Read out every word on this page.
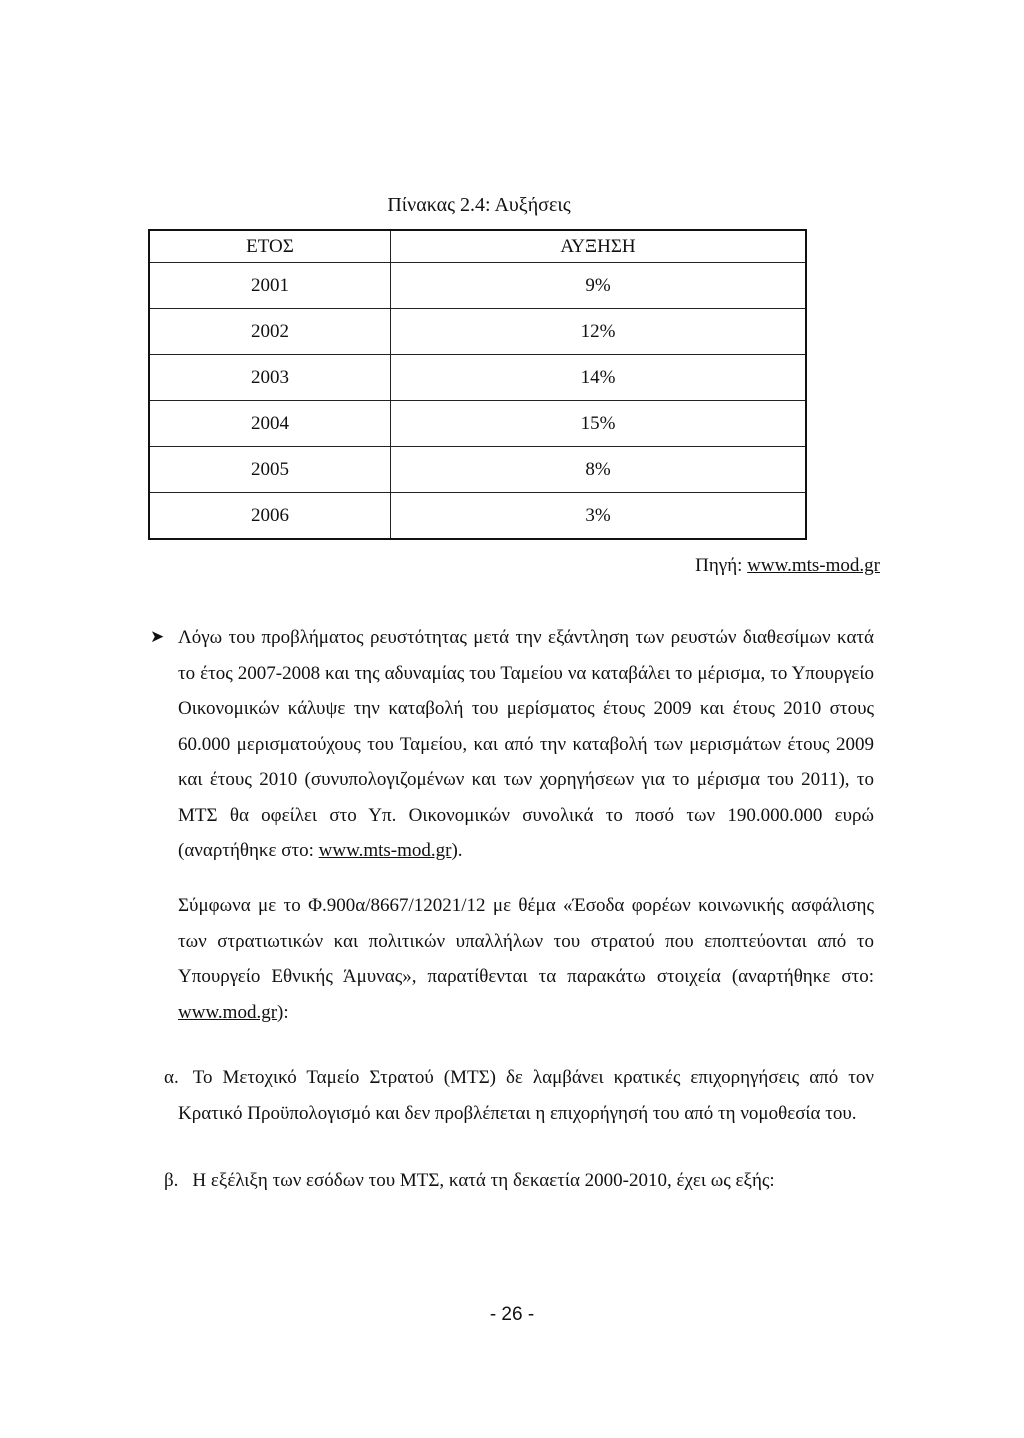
Πίνακας 2.4: Αυξήσεις
ΕΤΟΣ	ΑΥΞΗΣΗ
2001	9%
2002	12%
2003	14%
2004	15%
2005	8%
2006	3%
Πηγή: www.mts-mod.gr
➤ Λόγω του προβλήματος ρευστότητας μετά την εξάντληση των ρευστών διαθεσίμων κατά το έτος 2007-2008 και της αδυναμίας του Ταμείου να καταβάλει το μέρισμα, το Υπουργείο Οικονομικών κάλυψε την καταβολή του μερίσματος έτους 2009 και έτους 2010 στους 60.000 μερισματούχους του Ταμείου, και από την καταβολή των μερισμάτων έτους 2009 και έτους 2010 (συνυπολογιζομένων και των χορηγήσεων για το μέρισμα του 2011), το ΜΤΣ θα οφείλει στο Υπ. Οικονομικών συνολικά το ποσό των 190.000.000 ευρώ (αναρτήθηκε στο: www.mts-mod.gr).
Σύμφωνα με το Φ.900α/8667/12021/12 με θέμα «Έσοδα φορέων κοινωνικής ασφάλισης των στρατιωτικών και πολιτικών υπαλλήλων του στρατού που εποπτεύονται από το Υπουργείο Εθνικής Άμυνας», παρατίθενται τα παρακάτω στοιχεία (αναρτήθηκε στο: www.mod.gr):
α. Το Μετοχικό Ταμείο Στρατού (ΜΤΣ) δε λαμβάνει κρατικές επιχορηγήσεις από τον Κρατικό Προϋπολογισμό και δεν προβλέπεται η επιχορήγησή του από τη νομοθεσία του.
β. Η εξέλιξη των εσόδων του ΜΤΣ, κατά τη δεκαετία 2000-2010, έχει ως εξής:
- 26 -
